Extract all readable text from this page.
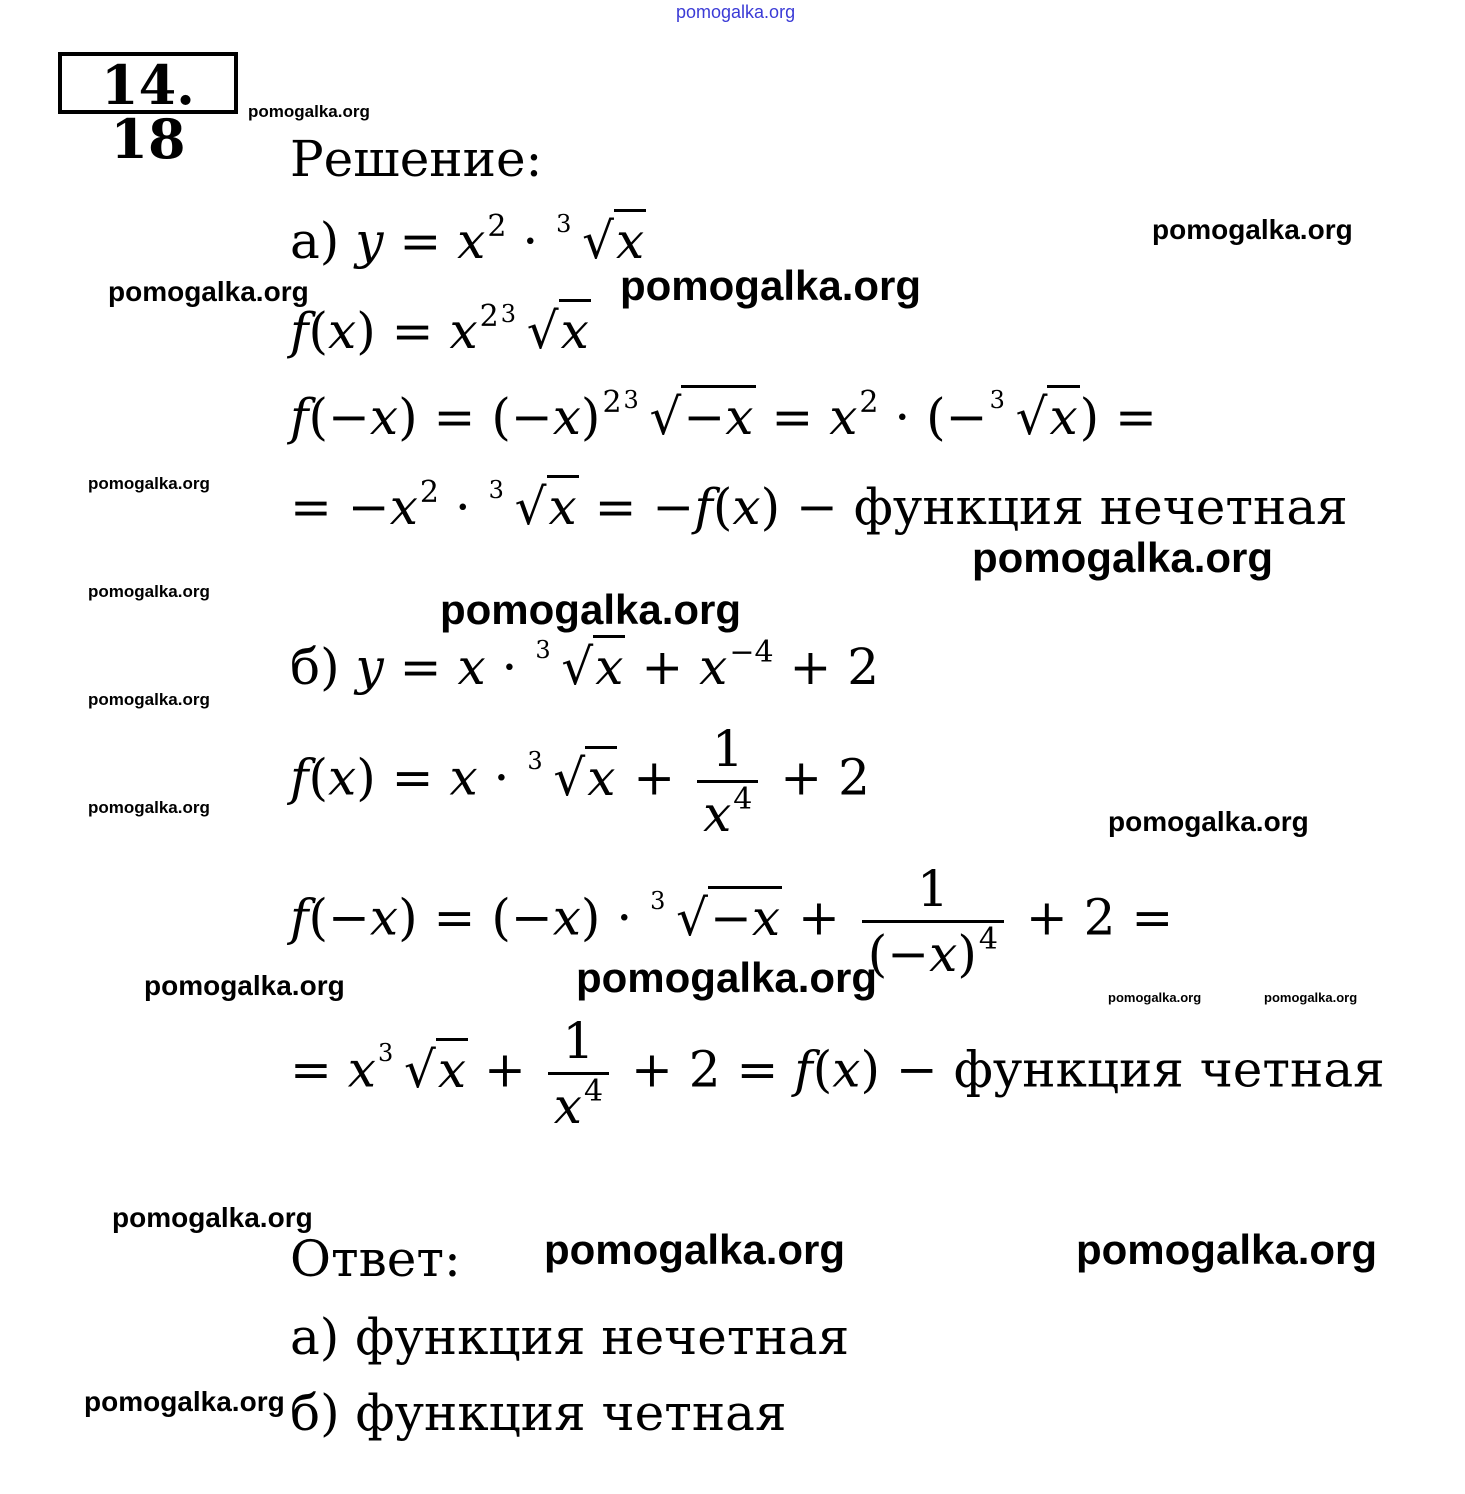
14. 18	Решение:
а) $y = x^2 \cdot 3$ √x
$f(x) = x^2$ 3 √x
$f(-x) = (-x)^2$ 3 $√-x = x^2$ · (− 3 √x) =
= $-x^2 \cdot 3$ √x = −f(x) − функция нечетная
б) y = x · 3 $√x + x^{-4} + 2$
f(x) = x · 3 $√x + \frac{1}{x^4} + 2$
f(−x) = (−x) · 3 $√-x + \frac{1}{(-x)^4} + 2$ =
= x 3 $√x + \frac{1}{x^4} + 2 = f(x)$ − функция четная
Ответ:
а) функция нечетная
б) функция четная
pomogalka.org
pomogalka.org
pomogalka.org
pomogalka.org	pomogalka.org
pomogalka.org
pomogalka.org
pomogalka.org	pomogalka.org
pomogalka.org
pomogalka.org	pomogalka.org
pomogalka.org	pomogalka.org	pomogalka.org	pomogalka.org
pomogalka.org
pomogalka.org	pomogalka.org
pomogalka.org
